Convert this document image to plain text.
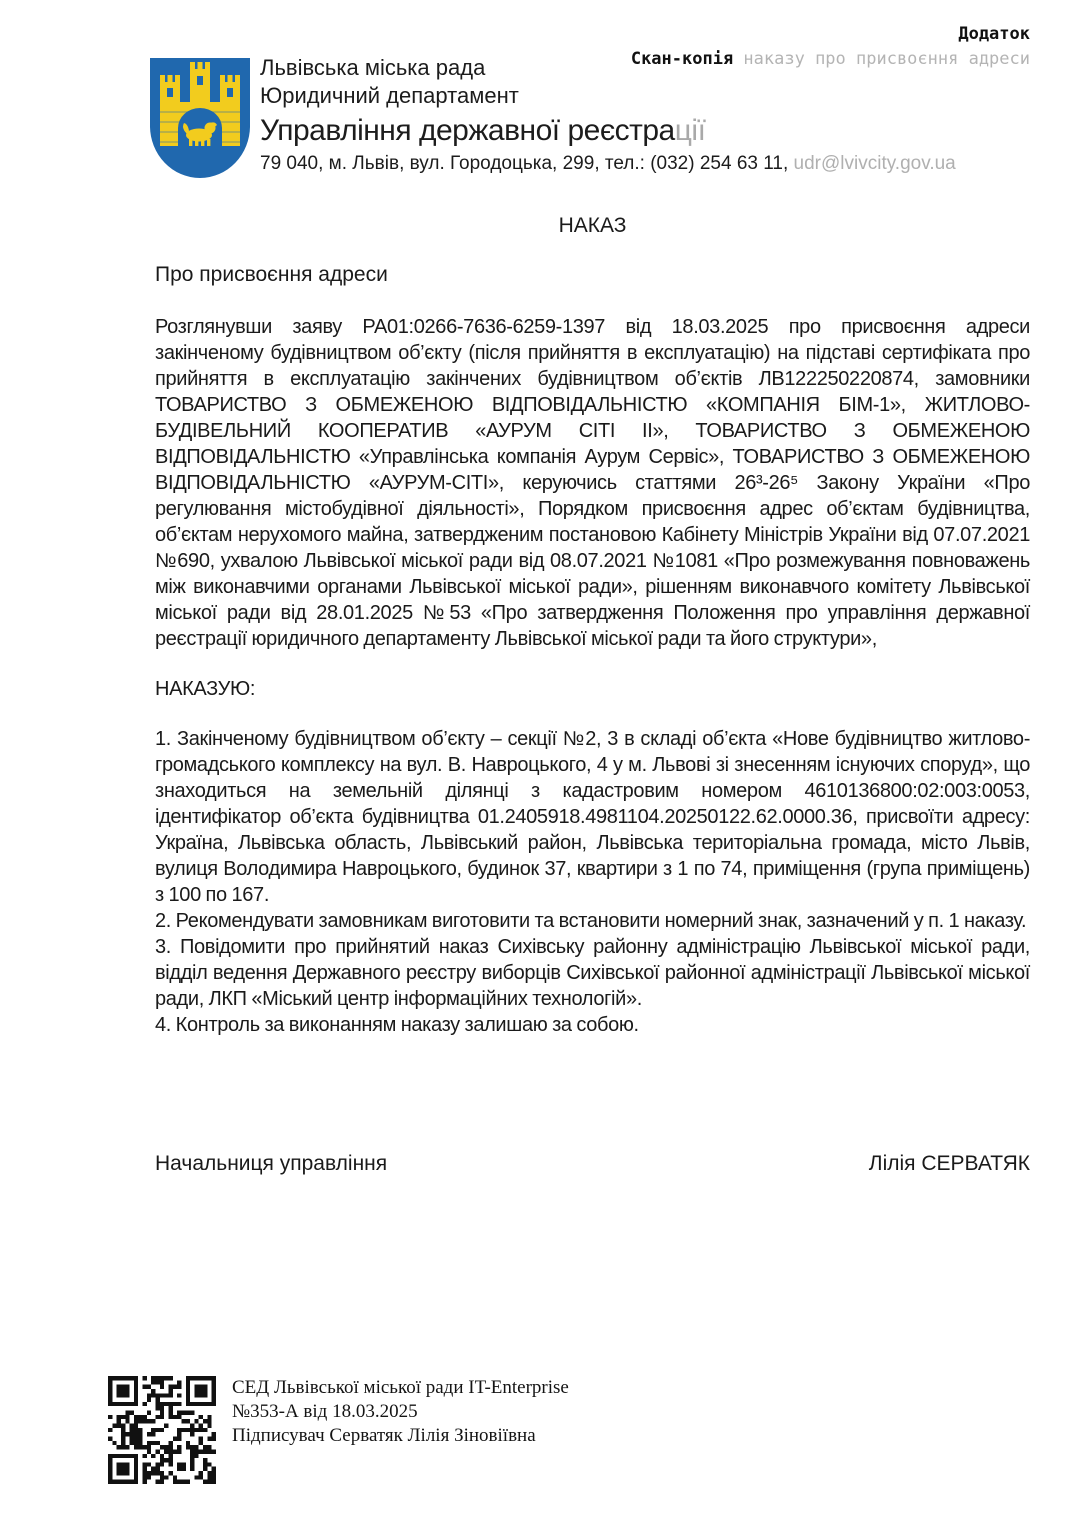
Додаток
Скан-копія наказу про присвоєння адреси
Львівська міська рада
Юридичний департамент
Управління державної реєстрації
79 040, м. Львів, вул. Городоцька, 299, тел.: (032) 254 63 11, udr@lvivcity.gov.ua
НАКАЗ
Про присвоєння адреси

Розглянувши заяву РА01:0266-7636-6259-1397 від 18.03.2025 про присвоєння адреси закінченому будівництвом об’єкту (після прийняття в експлуатацію) на підставі сертифіката про прийняття в експлуатацію закінчених будівництвом об’єктів ЛВ122250220874, замовники ТОВАРИСТВО З ОБМЕЖЕНОЮ ВІДПОВІДАЛЬНІСТЮ «КОМПАНІЯ БІМ-1», ЖИТЛОВО-БУДІВЕЛЬНИЙ КООПЕРАТИВ «АУРУМ СІТІ ІІ», ТОВАРИСТВО З ОБМЕЖЕНОЮ ВІДПОВІДАЛЬНІСТЮ «Управлінська компанія Аурум Сервіс», ТОВАРИСТВО З ОБМЕЖЕНОЮ ВІДПОВІДАЛЬНІСТЮ «АУРУМ-СІТІ», керуючись статтями 26³-26⁵ Закону України «Про регулювання містобудівної діяльності», Порядком присвоєння адрес об’єктам будівництва, об’єктам нерухомого майна, затвердженим постановою Кабінету Міністрів України від 07.07.2021 №690, ухвалою Львівської міської ради від 08.07.2021 №1081 «Про розмежування повноважень між виконавчими органами Львівської міської ради», рішенням виконавчого комітету Львівської міської ради від 28.01.2025 №53 «Про затвердження Положення про управління державної реєстрації юридичного департаменту Львівської міської ради та його структури»,

НАКАЗУЮ:

1. Закінченому будівництвом об’єкту – секції №2, 3 в складі об’єкта «Нове будівництво житлово-громадського комплексу на вул. В. Навроцького, 4 у м. Львові зі знесенням існуючих споруд», що знаходиться на земельній ділянці з кадастровим номером 4610136800:02:003:0053, ідентифікатор об’єкта будівництва 01.2405918.4981104.20250122.62.0000.36, присвоїти адресу: Україна, Львівська область, Львівський район, Львівська територіальна громада, місто Львів, вулиця Володимира Навроцького, будинок 37, квартири з 1 по 74, приміщення (група приміщень) з 100 по 167.

2. Рекомендувати замовникам виготовити та встановити номерний знак, зазначений у п. 1 наказу.

3. Повідомити про прийнятий наказ Сихівську районну адміністрацію Львівської міської ради, відділ ведення Державного реєстру виборців Сихівської районної адміністрації Львівської міської ради, ЛКП «Міський центр інформаційних технологій».

4. Контроль за виконанням наказу залишаю за собою.

Начальниця управління	Лілія СЕРВАТЯК
СЕД Львівської міської ради IT-Enterprise
№353-А від 18.03.2025
Підписувач Серватяк Лілія Зіновіївна
